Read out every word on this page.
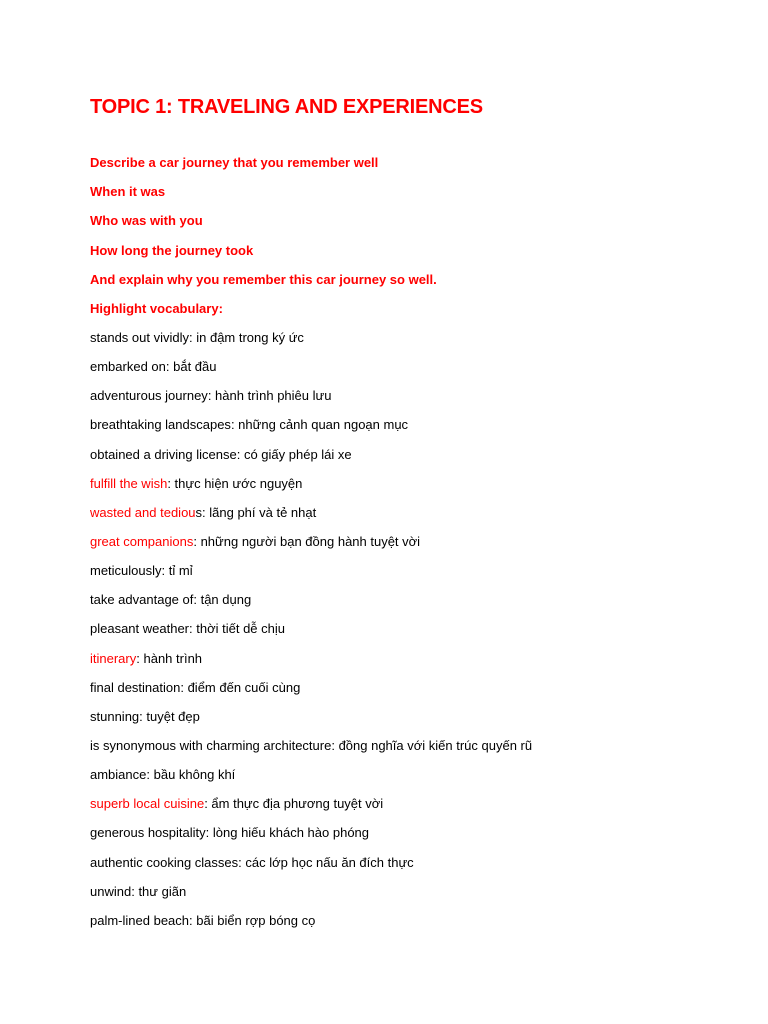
TOPIC 1: TRAVELING AND EXPERIENCES
Describe a car journey that you remember well
When it was
Who was with you
How long the journey took
And explain why you remember this car journey so well.
Highlight vocabulary:
stands out vividly: in đậm trong ký ức
embarked on: bắt đầu
adventurous journey: hành trình phiêu lưu
breathtaking landscapes: những cảnh quan ngoạn mục
obtained a driving license: có giấy phép lái xe
fulfill the wish: thực hiện ước nguyện
wasted and tedious: lãng phí và tẻ nhạt
great companions: những người bạn đồng hành tuyệt vời
meticulously: tỉ mỉ
take advantage of: tận dụng
pleasant weather: thời tiết dễ chịu
itinerary: hành trình
final destination: điểm đến cuối cùng
stunning: tuyệt đẹp
is synonymous with charming architecture: đồng nghĩa với kiến trúc quyến rũ
ambiance: bầu không khí
superb local cuisine: ẩm thực địa phương tuyệt vời
generous hospitality: lòng hiếu khách hào phóng
authentic cooking classes: các lớp học nấu ăn đích thực
unwind: thư giãn
palm-lined beach: bãi biển rợp bóng cọ
